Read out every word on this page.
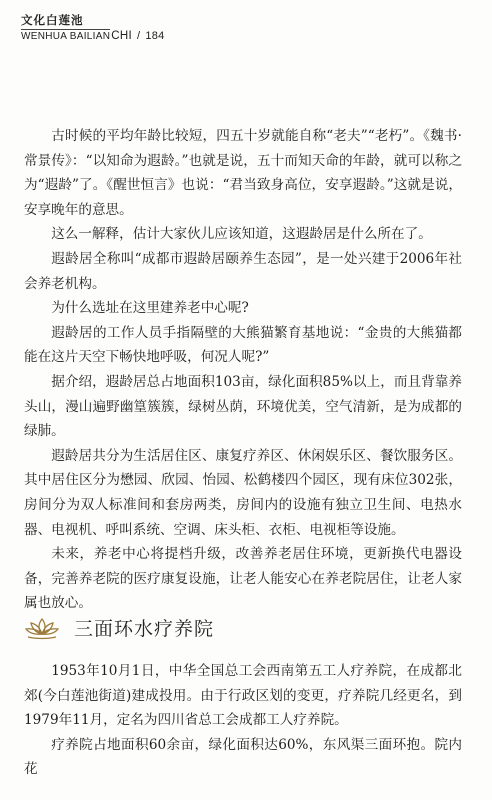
文化白莲池
WENHUA BAILIAN CHI / 184

古时候的平均年龄比较短，四五十岁就能自称“老夫”“老朽”。《魏书·常景传》：“以知命为遐龄。”也就是说，五十而知天命的年龄，就可以称之为“遐龄”了。《醒世恒言》也说：“君当致身高位，安享遐龄。”这就是说，安享晚年的意思。

这么一解释，估计大家伙儿应该知道，这遐龄居是什么所在了。

遐龄居全称叫“成都市遐龄居颐养生态园”，是一处兴建于2006年社会养老机构。

为什么选址在这里建养老中心呢?

遐龄居的工作人员手指隔壁的大熊猫繁育基地说：“金贵的大熊猫都能在这片天空下畅快地呼吸，何况人呢?”

据介绍，遐龄居总占地面积103亩，绿化面积85%以上，而且背靠养头山，漫山遍野幽篁簇簇，绿树丛荫，环境优美，空气清新，是为成都的绿肺。

遐龄居共分为生活居住区、康复疗养区、休闲娱乐区、餐饮服务区。其中居住区分为懋园、欣园、怡园、松鹤楼四个园区，现有床位302张，房间分为双人标准间和套房两类，房间内的设施有独立卫生间、电热水器、电视机、呼叫系统、空调、床头柜、衣柜、电视柜等设施。

未来，养老中心将提档升级，改善养老居住环境，更新换代电器设备，完善养老院的医疗康复设施，让老人能安心在养老院居住，让老人家属也放心。

三面环水疗养院

1953年10月1日，中华全国总工会西南第五工人疗养院，在成都北郊(今白莲池街道)建成投用。由于行政区划的变更，疗养院几经更名，到1979年11月，定名为四川省总工会成都工人疗养院。

疗养院占地面积60余亩，绿化面积达60%，东风渠三面环抱。院内花
